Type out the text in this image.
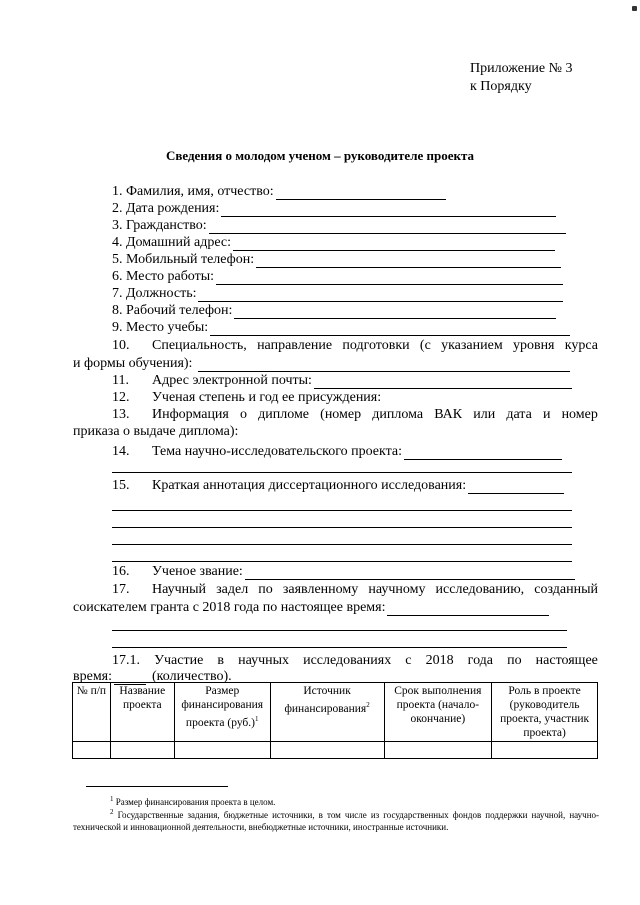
Приложение № 3
к Порядку
Сведения о молодом ученом – руководителе проекта
1. Фамилия, имя, отчество:
2. Дата рождения:
3. Гражданство:
4. Домашний адрес:
5. Мобильный телефон:
6. Место работы:
7. Должность:
8. Рабочий телефон:
9. Место учебы:
10. Специальность, направление подготовки (с указанием уровня курса
и формы обучения):
11.	Адрес электронной почты:
12. Ученая степень и год ее присуждения:
13. Информация о дипломе (номер диплома ВАК или дата и номер
приказа о выдаче диплома):
14.	Тема научно-исследовательского проекта:
15.	Краткая аннотация диссертационного исследования:
16.	Ученое звание:
17. Научный задел по заявленному научному исследованию, созданный
соискателем гранта с 2018 года по настоящее время:
17.1. Участие в научных исследованиях с 2018 года по настоящее
время:	(количество).
№ п/п	Название проекта	Размер финансирования проекта $(руб.)^1$	Источник финансирования$^2$	Срок выполнения проекта (начало-окончание)	Роль в проекте (руководитель проекта, участник проекта)

$^1$ Размер финансирования проекта в целом.
$^2$ Государственные задания, бюджетные источники, в том числе из государственных фондов поддержки научной, научно-технической и инновационной деятельности, внебюджетные источники, иностранные источники.
